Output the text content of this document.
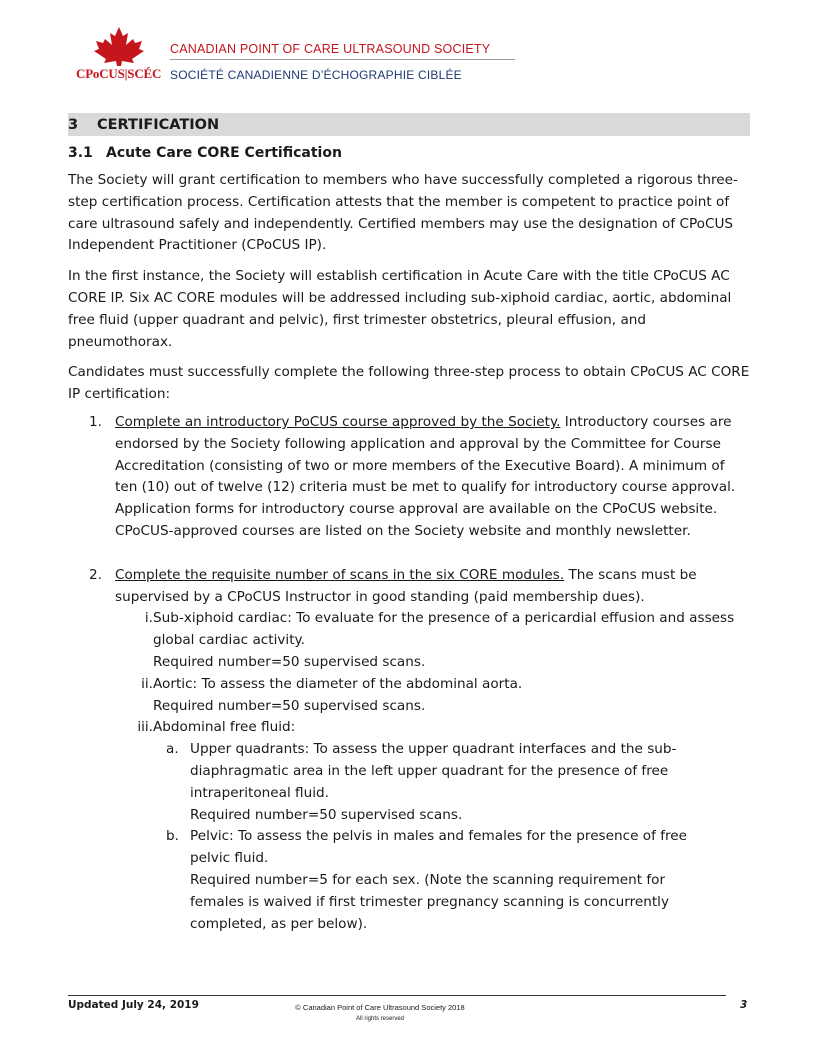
CPoCUS|SCÉC
CANADIAN POINT OF CARE ULTRASOUND SOCIETY
SOCIÉTÉ CANADIENNE D’ÉCHOGRAPHIE CIBLÉE
3	CERTIFICATION
3.1 Acute Care CORE Certification

The Society will grant certification to members who have successfully completed a rigorous three-step certification process. Certification attests that the member is competent to practice point of care ultrasound safely and independently. Certified members may use the designation of CPoCUS Independent Practitioner (CPoCUS IP).

In the first instance, the Society will establish certification in Acute Care with the title CPoCUS AC CORE IP. Six AC CORE modules will be addressed including sub-xiphoid cardiac, aortic, abdominal free fluid (upper quadrant and pelvic), first trimester obstetrics, pleural effusion, and pneumothorax.

Candidates must successfully complete the following three-step process to obtain CPoCUS AC CORE IP certification:

1. Complete an introductory PoCUS course approved by the Society. Introductory courses are endorsed by the Society following application and approval by the Committee for Course Accreditation (consisting of two or more members of the Executive Board). A minimum of ten (10) out of twelve (12) criteria must be met to qualify for introductory course approval. Application forms for introductory course approval are available on the CPoCUS website. CPoCUS-approved courses are listed on the Society website and monthly newsletter.
2. Complete the requisite number of scans in the six CORE modules. The scans must be supervised by a CPoCUS Instructor in good standing (paid membership dues).
i. Sub-xiphoid cardiac: To evaluate for the presence of a pericardial effusion and assess global cardiac activity.
Required number=50 supervised scans.
ii. Aortic: To assess the diameter of the abdominal aorta.
Required number=50 supervised scans.
iii. Abdominal free fluid:
a. Upper quadrants: To assess the upper quadrant interfaces and the sub-diaphragmatic area in the left upper quadrant for the presence of free intraperitoneal fluid.
Required number=50 supervised scans.
b. Pelvic: To assess the pelvis in males and females for the presence of free pelvic fluid.
Required number=5 for each sex. (Note the scanning requirement for females is waived if first trimester pregnancy scanning is concurrently completed, as per below).
Updated July 24, 2019	© Canadian Point of Care Ultrasound Society 2018
All rights reserved
3
